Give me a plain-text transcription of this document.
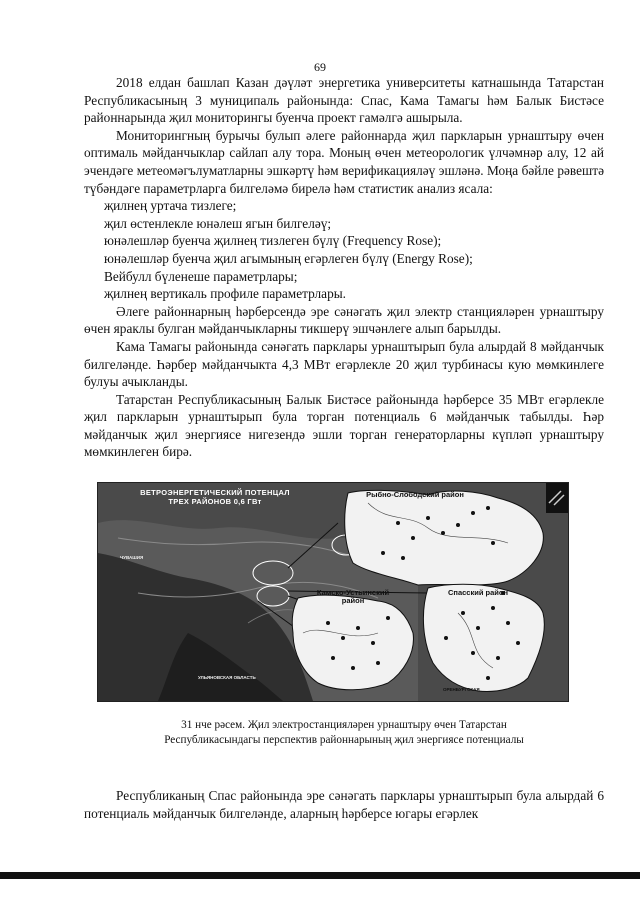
69

2018 елдан башлап Казан дәүләт энергетика университеты катнашында Татарстан Республикасының 3 муниципаль районында: Спас, Кама Тамагы һәм Балык Бистәсе районнарында җил мониторингы буенча проект гамәлгә ашырыла.

Мониторингның бурычы булып әлеге районнарда җил паркларын урнаштыру өчен оптималь мәйданчыклар сайлап алу тора. Моның өчен метеорологик үлчәмнәр алу, 12 ай эчендәге метеомәгълуматларны эшкәртү һәм верификацияләү эшләнә. Моңа бәйле рәвештә түбәндәге параметрларга билгеләмә бирелә һәм статистик анализ ясала:

җилнең уртача тизлеге;

җил өстенлекле юнәлеш ягын билгеләү;

юнәлешләр буенча җилнең тизлеген бүлү (Frequency Rose);

юнәлешләр буенча җил агымының егәрлеген бүлү (Energy Rose);

Вейбулл бүленеше параметрлары;

җилнең вертикаль профиле параметрлары.

Әлеге районнарның һәрберсендә эре сәнәгать җил электр станцияләрен урнаштыру өчен яраклы булган мәйданчыкларны тикшерү эшчәнлеге алып барылды.

Кама Тамагы районында сәнәгать парклары урнаштырып була алырдай 8 мәйданчык билгеләнде. Һәрбер мәйданчыкта 4,3 МВт егәрлекле 20 җил турбинасы кую мөмкинлеге булуы ачыкланды.

Татарстан Республикасының Балык Бистәсе районында һәрберсе 35 МВт егәрлекле җил паркларын урнаштырып була торган потенциаль 6 мәйданчык табылды. Һәр мәйданчык җил энергиясе нигезендә эшли торган генераторларны күпләп урнаштыру мөмкинлеген бирә.

ВЕТРОЭНЕРГЕТИЧЕСКИЙ ПОТЕНЦАЛ
ТРЕХ РАЙОНОВ 0,6 ГВт
Рыбно-Слободский район
Камско-Устьинский район
Спасский район
ЧУВАШИЯ
УЛЬЯНОВСКАЯ ОБЛАСТЬ
ОРЕНБУРГСКАЯ
31 нче рәсем. Җил электростанцияләрен урнаштыру өчен Татарстан
Республикасындагы перспектив районнарының җил энергиясе потенциалы

Республиканың Спас районында эре сәнәгать парклары урнаштырып була алырдай 6 потенциаль мәйданчык билгеләнде, аларның һәрберсе югары егәрлек
